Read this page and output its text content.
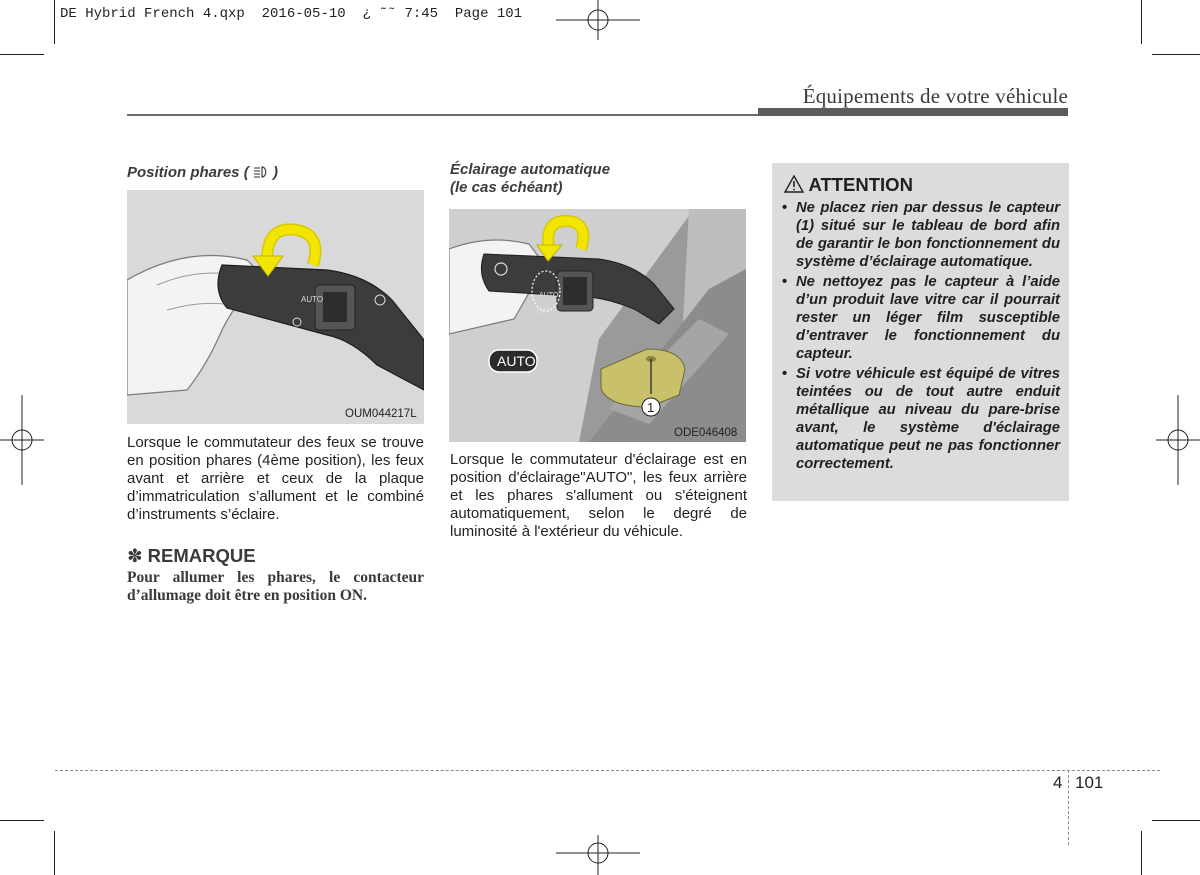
DE Hybrid French 4.qxp  2016-05-10  ¿ ˜˜ 7:45  Page 101
Équipements de votre véhicule
Position phares ( )
AUTO
OUM044217L
Lorsque le commutateur des feux se trouve en position phares (4ème position), les feux avant et arrière et ceux de la plaque d’immatriculation s’allument et le combiné d’instruments s’éclaire.
✽ REMARQUE
Pour allumer les phares, le contacteur d’allumage doit être en position ON.
Éclairage automatique
(le cas échéant)
1
AUTO
OFF
AUTO
ODE046408
Lorsque le commutateur d'éclairage est en position d'éclairage"AUTO", les feux arrière et les phares s'allument ou s'éteignent automatiquement, selon le degré de luminosité à l'extérieur du véhicule.
ATTENTION
• Ne placez rien par dessus le capteur (1) situé sur le tableau de bord afin de garantir le bon fonctionnement du système d’éclairage automatique.
• Ne nettoyez pas le capteur à l’aide d’un produit lave vitre car il pourrait rester un léger film susceptible d’entraver le fonctionnement du capteur.
• Si votre véhicule est équipé de vitres teintées ou de tout autre enduit métallique au niveau du pare-brise avant, le système d'éclairage automatique peut ne pas fonctionner correctement.
4 101
